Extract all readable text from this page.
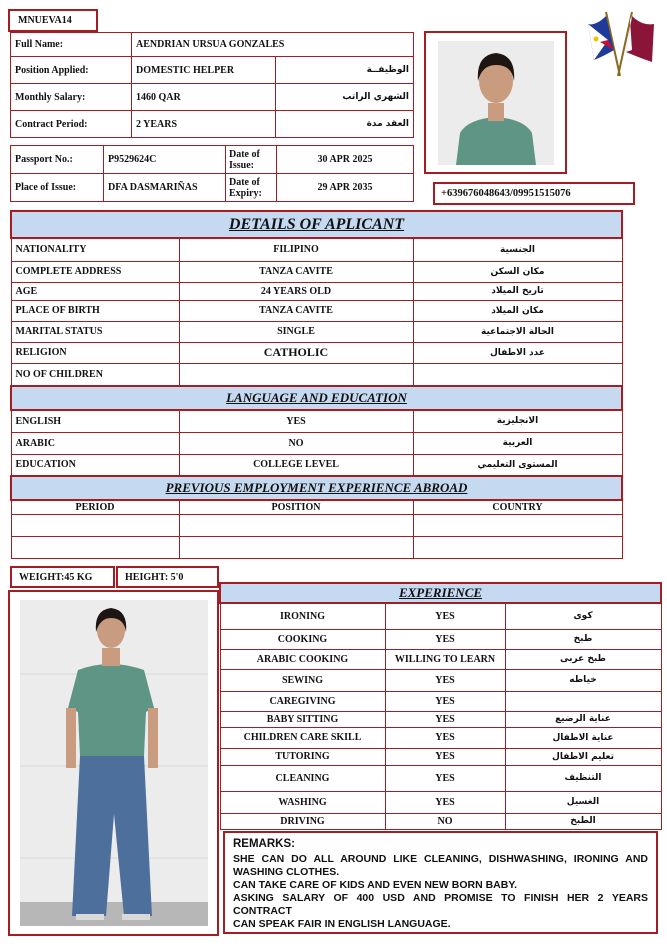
MNUEVA14
Full Name:	AENDRIAN URSUA GONZALES	
Position Applied:	DOMESTIC HELPER	الوظيفــة
Monthly Salary:	1460 QAR	الشهري الراتب
Contract Period:	2 YEARS	العقد مدة
Passport No.:	P9529624C	Date of Issue:	30 APR 2025
Place of Issue:	DFA DASMARIÑAS	Date of Expiry:	29 APR 2035
+639676048643/09951515076
DETAILS OF APLICANT		
NATIONALITY	FILIPINO	الجنسية
COMPLETE ADDRESS	TANZA CAVITE	مكان السكن
AGE	24 YEARS OLD	تاريخ الميلاد
PLACE OF BIRTH	TANZA CAVITE	مكان الميلاد
MARITAL STATUS	SINGLE	الحالة الاجتماعية
RELIGION	CATHOLIC	عدد الاطفال
NO OF CHILDREN		
LANGUAGE AND EDUCATION		
ENGLISH	YES	الانجليزية
ARABIC	NO	العربية
EDUCATION	COLLEGE LEVEL	المستوى التعليمي
PREVIOUS EMPLOYMENT EXPERIENCE ABROAD		
PERIOD	POSITION	COUNTRY

WEIGHT:45 KG	HEIGHT: 5'0
EXPERIENCE		
IRONING	YES	كوى
COOKING	YES	طبخ
ARABIC COOKING	WILLING TO LEARN	طبخ عربى
SEWING	YES	خياطه
CAREGIVING	YES	
BABY SITTING	YES	عناية الرضيع
CHILDREN CARE SKILL	YES	عناية الاطفال
TUTORING	YES	تعليم الاطفال
CLEANING	YES	التنظيف
WASHING	YES	الغسيل
DRIVING	NO	الطبخ
REMARKS:
SHE CAN DO ALL AROUND LIKE CLEANING, DISHWASHING, IRONING AND WASHING CLOTHES.
CAN TAKE CARE OF KIDS AND EVEN NEW BORN BABY.
ASKING SALARY OF 400 USD AND PROMISE TO FINISH HER 2 YEARS CONTRACT
CAN SPEAK FAIR IN ENGLISH LANGUAGE.
